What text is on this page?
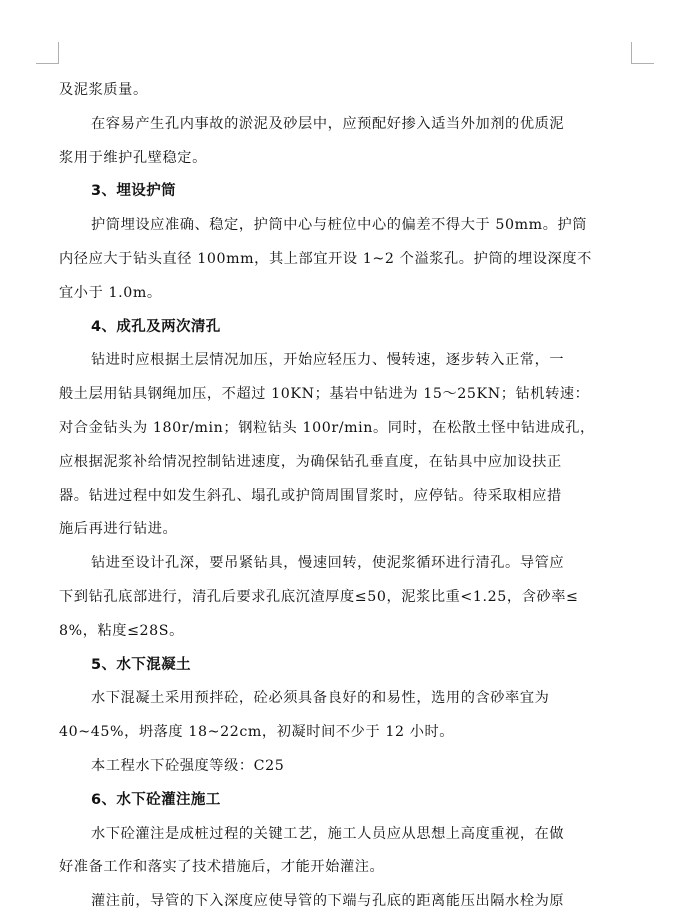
及泥浆质量。

在容易产生孔内事故的淤泥及砂层中，应预配好掺入适当外加剂的优质泥

浆用于维护孔壁稳定。

3、埋设护筒

护筒埋设应准确、稳定，护筒中心与桩位中心的偏差不得大于 50mm。护筒

内径应大于钻头直径 100mm，其上部宜开设 1~2 个溢浆孔。护筒的埋设深度不

宜小于 1.0m。

4、成孔及两次清孔

钻进时应根据土层情况加压，开始应轻压力、慢转速，逐步转入正常，一

般土层用钻具钢绳加压，不超过 10KN；基岩中钻进为 15～25KN；钻机转速：

对合金钻头为 180r/min；钢粒钻头 100r/min。同时，在松散土怪中钻进成孔，

应根据泥浆补给情况控制钻进速度，为确保钻孔垂直度，在钻具中应加设扶正

器。钻进过程中如发生斜孔、塌孔或护筒周围冒浆时，应停钻。待采取相应措

施后再进行钻进。

钻进至设计孔深，要吊紧钻具，慢速回转，使泥浆循环进行清孔。导管应

下到钻孔底部进行，清孔后要求孔底沉渣厚度≤50，泥浆比重<1.25，含砂率≤

8%，粘度≤28S。

5、水下混凝土

水下混凝土采用预拌砼，砼必须具备良好的和易性，选用的含砂率宜为

40~45%，坍落度 18~22cm，初凝时间不少于 12 小时。

本工程水下砼强度等级：C25

6、水下砼灌注施工

水下砼灌注是成桩过程的关键工艺，施工人员应从思想上高度重视，在做

好准备工作和落实了技术措施后，才能开始灌注。

灌注前，导管的下入深度应使导管的下端与孔底的距离能压出隔水栓为原
